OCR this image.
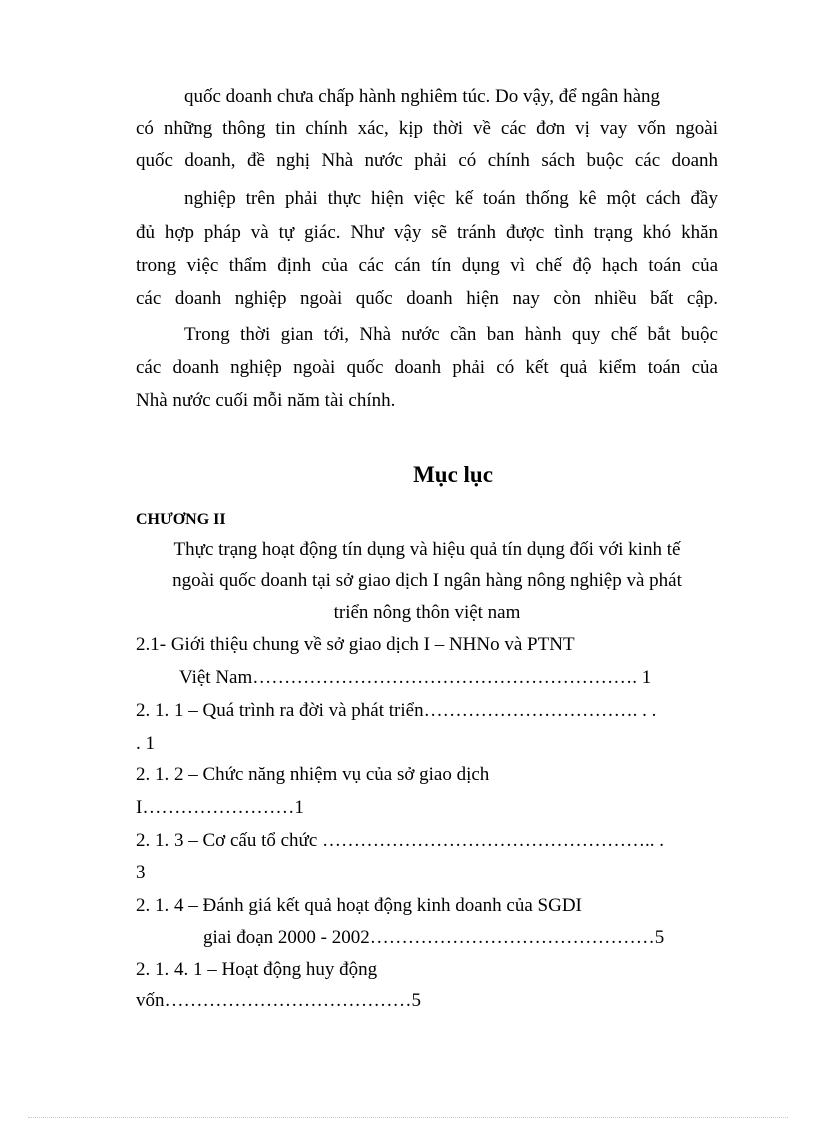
quốc doanh chưa chấp hành nghiêm túc. Do vậy, để ngân hàng
có những thông tin chính xác, kịp thời về các đơn vị vay vốn ngoài
quốc doanh, đề nghị Nhà nước phải có chính sách buộc các doanh
nghiệp trên phải thực hiện việc kế toán thống kê một cách đầy
đủ hợp pháp và tự giác. Như vậy sẽ tránh được tình trạng khó khăn
trong việc thẩm định của các cán tín dụng vì chế độ hạch toán của
các doanh nghiệp ngoài quốc doanh hiện nay còn nhiều bất cập.
Trong thời gian tới, Nhà nước cần ban hành quy chế bắt buộc
các doanh nghiệp ngoài quốc doanh phải có kết quả kiểm toán của
Nhà nước cuối mỗi năm tài chính.
Mục lục
CHƯƠNG II
Thực trạng hoạt động tín dụng và hiệu quả tín dụng đối với kinh tế
ngoài quốc doanh tại sở giao dịch I ngân hàng nông nghiệp và phát
triển nông thôn việt nam
2.1- Giới thiệu chung về sở giao dịch I – NHNo và PTNT
Việt Nam……………………………………………………. 1
2. 1. 1 – Quá trình ra đời và phát triển……………………………. . .
. 1
2. 1. 2 – Chức năng nhiệm vụ của sở giao dịch
I……………………1
2. 1. 3 – Cơ cấu tổ chức …………………………………………….. .
3
2. 1. 4 – Đánh giá kết quả hoạt động kinh doanh của SGDI
giai đoạn 2000 - 2002………………………………………5
2. 1. 4. 1 – Hoạt động huy động
vốn…………………………………5
